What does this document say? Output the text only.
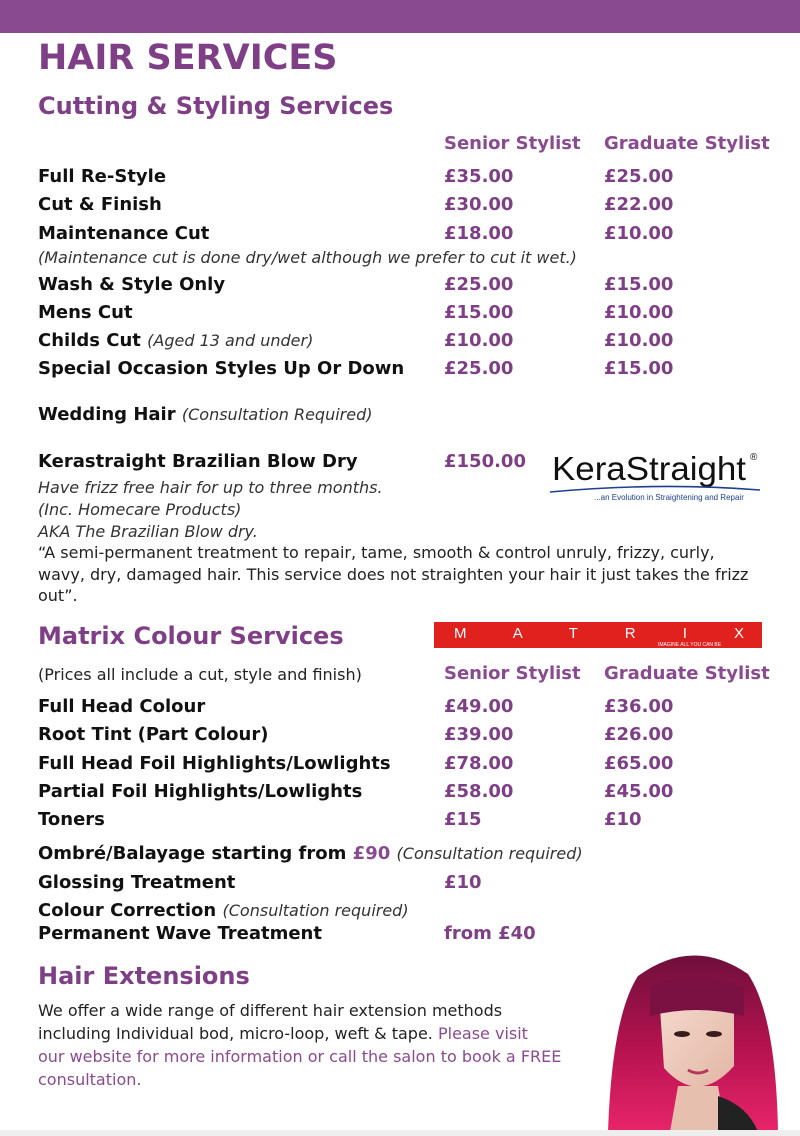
HAIR SERVICES
Cutting & Styling Services
Senior Stylist Graduate Stylist
Full Re-Style	£35.00	£25.00
Cut & Finish	£30.00	£22.00
Maintenance Cut	£18.00	£10.00
(Maintenance cut is done dry/wet although we prefer to cut it wet.)
Wash & Style Only	£25.00	£15.00
Mens Cut	£15.00	£10.00
Childs Cut (Aged 13 and under)	£10.00	£10.00
Special Occasion Styles Up Or Down £25.00	£15.00
Wedding Hair (Consultation Required)
Kerastraight Brazilian Blow Dry	£150.00
Have frizz free hair for up to three months.
(Inc. Homecare Products)
AKA The Brazilian Blow dry.
“A semi-permanent treatment to repair, tame, smooth & control unruly, frizzy, curly,
wavy, dry, damaged hair. This service does not straighten your hair it just takes the frizz
out”.
KeraStraight ®
...an Evolution in Straightening and Repair
Matrix Colour Services	M A T R I X
IMAGINE ALL YOU CAN BE
(Prices all include a cut, style and finish)	Senior Stylist Graduate Stylist
Full Head Colour	£49.00	£36.00
Root Tint (Part Colour)	£39.00	£26.00
Full Head Foil Highlights/Lowlights	£78.00	£65.00
Partial Foil Highlights/Lowlights	£58.00	£45.00
Toners	£15	£10
Ombré/Balayage starting from £90 (Consultation required)
Glossing Treatment	£10
Colour Correction (Consultation required)
Permanent Wave Treatment	from £40
Hair Extensions
We offer a wide range of different hair extension methods
including Individual bod, micro-loop, weft & tape. Please visit
our website for more information or call the salon to book a FREE
consultation.
